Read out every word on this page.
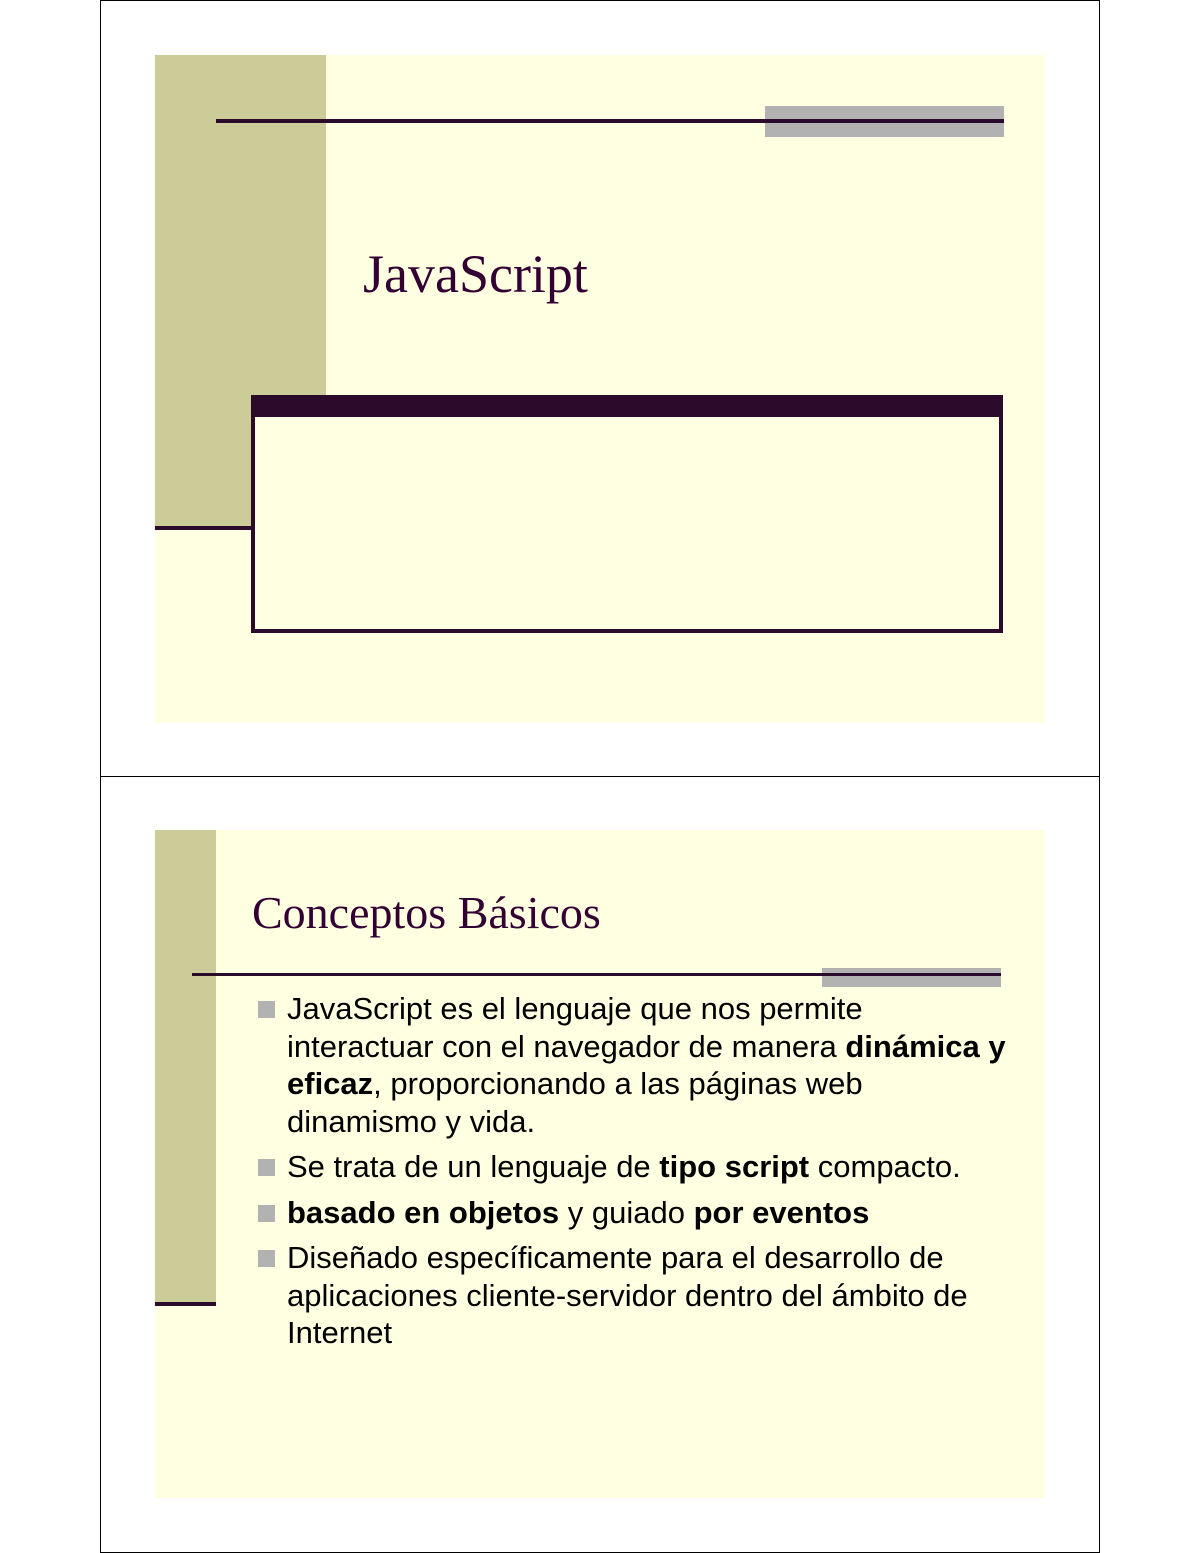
JavaScript
Conceptos Básicos
JavaScript es el lenguaje que nos permite interactuar con el navegador de manera dinámica y eficaz, proporcionando a las páginas web dinamismo y vida.
Se trata de un lenguaje de tipo script compacto.
basado en objetos y guiado por eventos
Diseñado específicamente para el desarrollo de aplicaciones cliente-servidor dentro del ámbito de Internet
